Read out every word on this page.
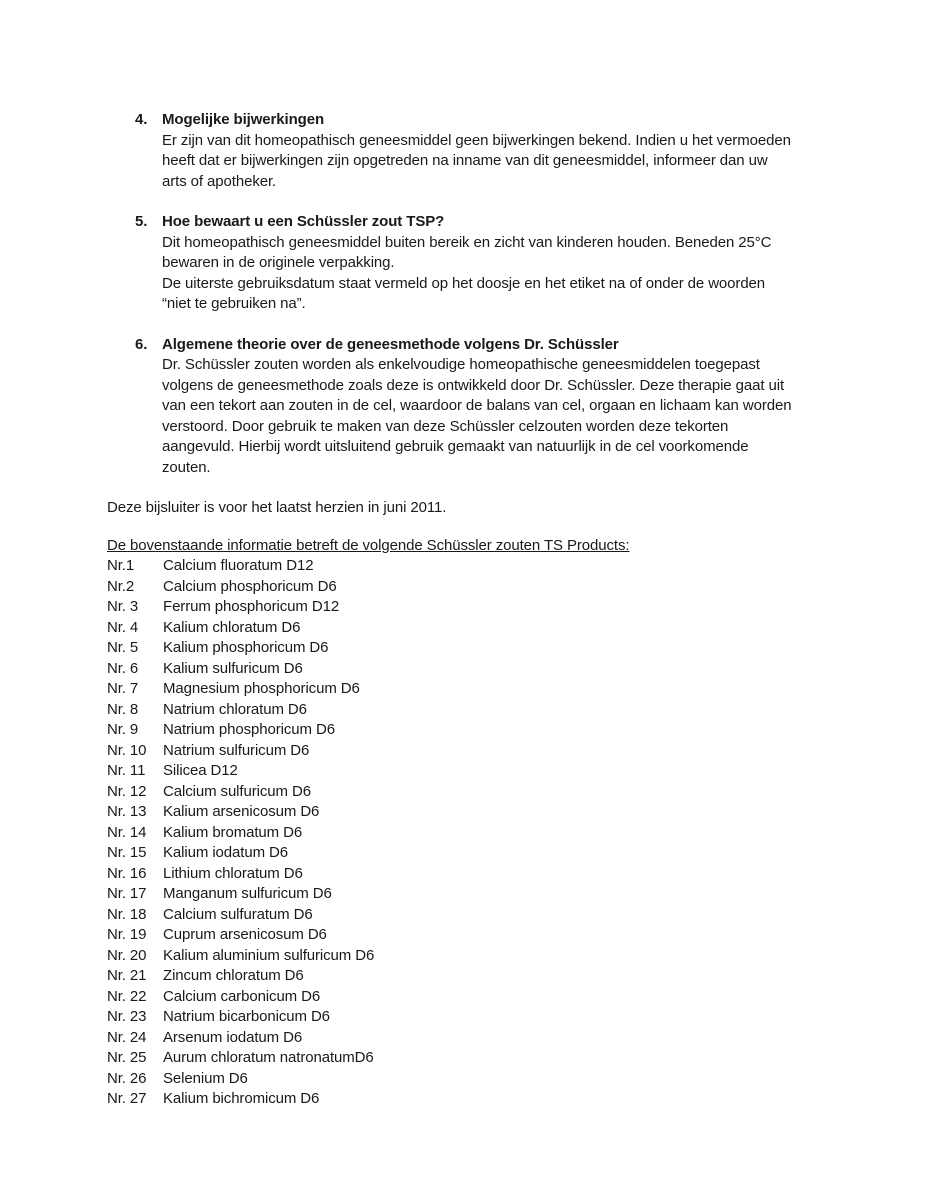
4. Mogelijke bijwerkingen
Er zijn van dit homeopathisch geneesmiddel geen bijwerkingen bekend. Indien u het vermoeden
heeft dat er bijwerkingen zijn opgetreden na inname van dit geneesmiddel, informeer dan uw
arts of apotheker.
5. Hoe bewaart u een Schüssler zout TSP?
Dit homeopathisch geneesmiddel buiten bereik en zicht van kinderen houden. Beneden 25°C
bewaren in de originele verpakking.
De uiterste gebruiksdatum staat vermeld op het doosje en het etiket na of onder de woorden
“niet te gebruiken na”.
6. Algemene theorie over de geneesmethode volgens Dr. Schüssler
Dr. Schüssler zouten worden als enkelvoudige homeopathische geneesmiddelen toegepast
volgens de geneesmethode zoals deze is ontwikkeld door Dr. Schüssler. Deze therapie gaat uit
van een tekort aan zouten in de cel, waardoor de balans van cel, orgaan en lichaam kan worden
verstoord. Door gebruik te maken van deze Schüssler celzouten worden deze tekorten
aangevuld. Hierbij wordt uitsluitend gebruik gemaakt van natuurlijk in de cel voorkomende
zouten.
Deze bijsluiter is voor het laatst herzien in juni 2011.
De bovenstaande informatie betreft de volgende Schüssler zouten TS Products:
Nr.1	Calcium fluoratum D12
Nr.2	Calcium phosphoricum D6
Nr. 3	Ferrum phosphoricum D12
Nr. 4	Kalium chloratum D6
Nr. 5	Kalium phosphoricum D6
Nr. 6	Kalium sulfuricum D6
Nr. 7	Magnesium phosphoricum D6
Nr. 8	Natrium chloratum D6
Nr. 9	Natrium phosphoricum D6
Nr. 10	Natrium sulfuricum D6
Nr. 11	Silicea D12
Nr. 12	Calcium sulfuricum D6
Nr. 13	Kalium arsenicosum D6
Nr. 14	Kalium bromatum D6
Nr. 15	Kalium iodatum D6
Nr. 16	Lithium chloratum D6
Nr. 17	Manganum sulfuricum D6
Nr. 18	Calcium sulfuratum D6
Nr. 19	Cuprum arsenicosum D6
Nr. 20	Kalium aluminium sulfuricum D6
Nr. 21	Zincum chloratum D6
Nr. 22	Calcium carbonicum D6
Nr. 23	Natrium bicarbonicum D6
Nr. 24	Arsenum iodatum D6
Nr. 25	Aurum chloratum natronatumD6
Nr. 26	Selenium D6
Nr. 27	Kalium bichromicum D6
